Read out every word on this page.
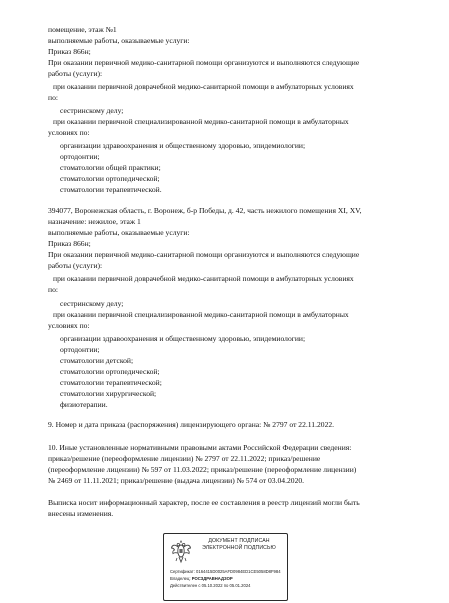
помещение, этаж №1
выполняемые работы, оказываемые услуги:
Приказ 866н;
При оказании первичной медико-санитарной помощи организуются и выполняются следующие
работы (услуги):
при оказании первичной доврачебной медико-санитарной помощи в амбулаторных условиях
по:
сестринскому делу;
при оказании первичной специализированной медико-санитарной помощи в амбулаторных
условиях по:
организации здравоохранения и общественному здоровью, эпидемиологии;
ортодонтии;
стоматологии общей практики;
стоматологии ортопедической;
стоматологии терапевтической.
394077, Воронежская область, г. Воронеж, б-р Победы, д. 42, часть нежилого помещения XI, XV,
назначение: нежилое, этаж 1
выполняемые работы, оказываемые услуги:
Приказ 866н;
При оказании первичной медико-санитарной помощи организуются и выполняются следующие
работы (услуги):
при оказании первичной доврачебной медико-санитарной помощи в амбулаторных условиях
по:
сестринскому делу;
при оказании первичной специализированной медико-санитарной помощи в амбулаторных
условиях по:
организации здравоохранения и общественному здоровью, эпидемиологии;
ортодонтии;
стоматологии детской;
стоматологии ортопедической;
стоматологии терапевтической;
стоматологии хирургической;
физиотерапии.
9. Номер и дата приказа (распоряжения) лицензирующего органа: № 2797 от 22.11.2022.
10. Иные установленные нормативными правовыми актами Российской Федерации сведения:
приказ/решение (переоформление лицензии) № 2797 от 22.11.2022; приказ/решение
(переоформление лицензии) № 597 от 11.03.2022; приказ/решение (переоформление лицензии)
№ 2469 от 11.11.2021; приказ/решение (выдача лицензии) № 574 от 03.04.2020.
Выписка носит информационный характер, после ее составления в реестр лицензий могли быть
внесены изменения.
ДОКУМЕНТ ПОДПИСАН
ЭЛЕКТРОННОЙ ПОДПИСЬЮ
Сертификат: 0164415D0025AFD0984ED1CE5058D8F984
Владелец: РОСЗДРАВНАДЗОР
Действителен с 05.10.2022 по 05.01.2024
